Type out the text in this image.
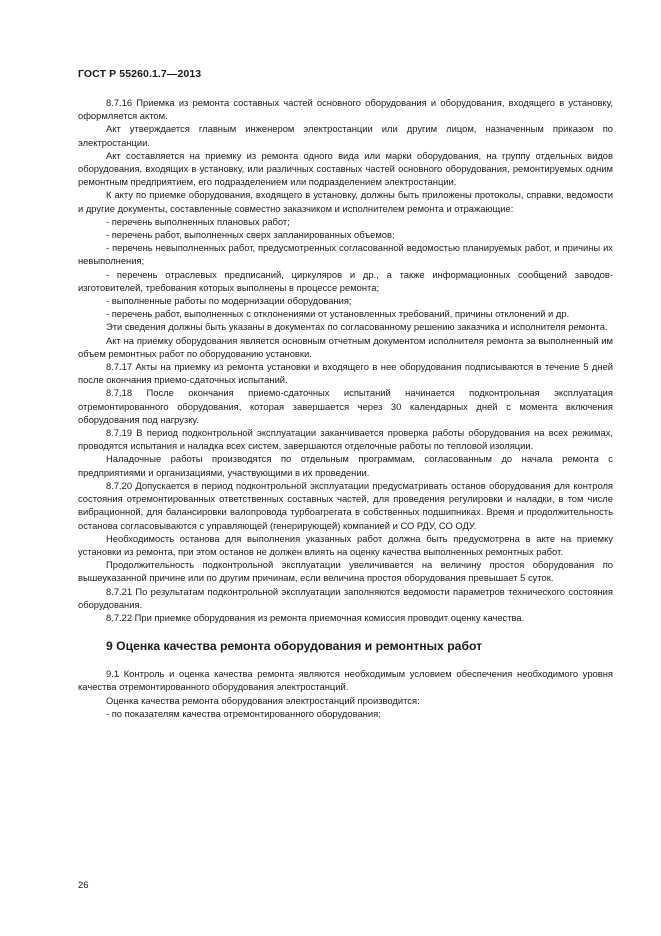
ГОСТ Р 55260.1.7—2013

8.7.16 Приемка из ремонта составных частей основного оборудования и оборудования, входящего в установку, оформляется актом.

Акт утверждается главным инженером электростанции или другим лицом, назначенным приказом по электростанции.

Акт составляется на приемку из ремонта одного вида или марки оборудования, на группу отдельных видов оборудования, входящих в установку, или различных составных частей основного оборудования, ремонтируемых одним ремонтным предприятием, его подразделением или подразделением электростанции.

К акту по приемке оборудования, входящего в установку, должны быть приложены протоколы, справки, ведомости и другие документы, составленные совместно заказчиком и исполнителем ремонта и отражающие:

- перечень выполненных плановых работ;

- перечень работ, выполненных сверх запланированных объемов;

- перечень невыполненных работ, предусмотренных согласованной ведомостью планируемых работ, и причины их невыполнения;

- перечень отраслевых предписаний, циркуляров и др., а также информационных сообщений заводов-изготовителей, требования которых выполнены в процессе ремонта;

- выполненные работы по модернизации оборудования;

- перечень работ, выполненных с отклонениями от установленных требований, причины отклонений и др.

Эти сведения должны быть указаны в документах по согласованному решению заказчика и исполнителя ремонта.

Акт на приемку оборудования является основным отчетным документом исполнителя ремонта за выполненный им объем ремонтных работ по оборудованию установки.

8.7.17 Акты на приемку из ремонта установки и входящего в нее оборудования подписываются в течение 5 дней после окончания приемо-сдаточных испытаний.

8.7.18 После окончания приемо-сдаточных испытаний начинается подконтрольная эксплуатация отремонтированного оборудования, которая завершается через 30 календарных дней с момента включения оборудования под нагрузку.

8.7.19 В период подконтрольной эксплуатации заканчивается проверка работы оборудования на всех режимах, проводятся испытания и наладка всех систем, завершаются отделочные работы по тепловой изоляции.

Наладочные работы производятся по отдельным программам, согласованным до начала ремонта с предприятиями и организациями, участвующими в их проведении.

8.7.20 Допускается в период подконтрольной эксплуатации предусматривать останов оборудования для контроля состояния отремонтированных ответственных составных частей, для проведения регулировки и наладки, в том числе вибрационной, для балансировки валопровода турбоагрегата в собственных подшипниках. Время и продолжительность останова согласовываются с управляющей (генерирующей) компанией и СО РДУ, СО ОДУ.

Необходимость останова для выполнения указанных работ должна быть предусмотрена в акте на приемку установки из ремонта, при этом останов не должен влиять на оценку качества выполненных ремонтных работ.

Продолжительность подконтрольной эксплуатации увеличивается на величину простоя оборудования по вышеуказанной причине или по другим причинам, если величина простоя оборудования превышает 5 суток.

8.7.21 По результатам подконтрольной эксплуатации заполняются ведомости параметров технического состояния оборудования.

8.7.22 При приемке оборудования из ремонта приемочная комиссия проводит оценку качества.

9 Оценка качества ремонта оборудования и ремонтных работ

9.1 Контроль и оценка качества ремонта являются необходимым условием обеспечения необходимого уровня качества отремонтированного оборудования электростанций.

Оценка качества ремонта оборудования электростанций производится:

- по показателям качества отремонтированного оборудования;

26
